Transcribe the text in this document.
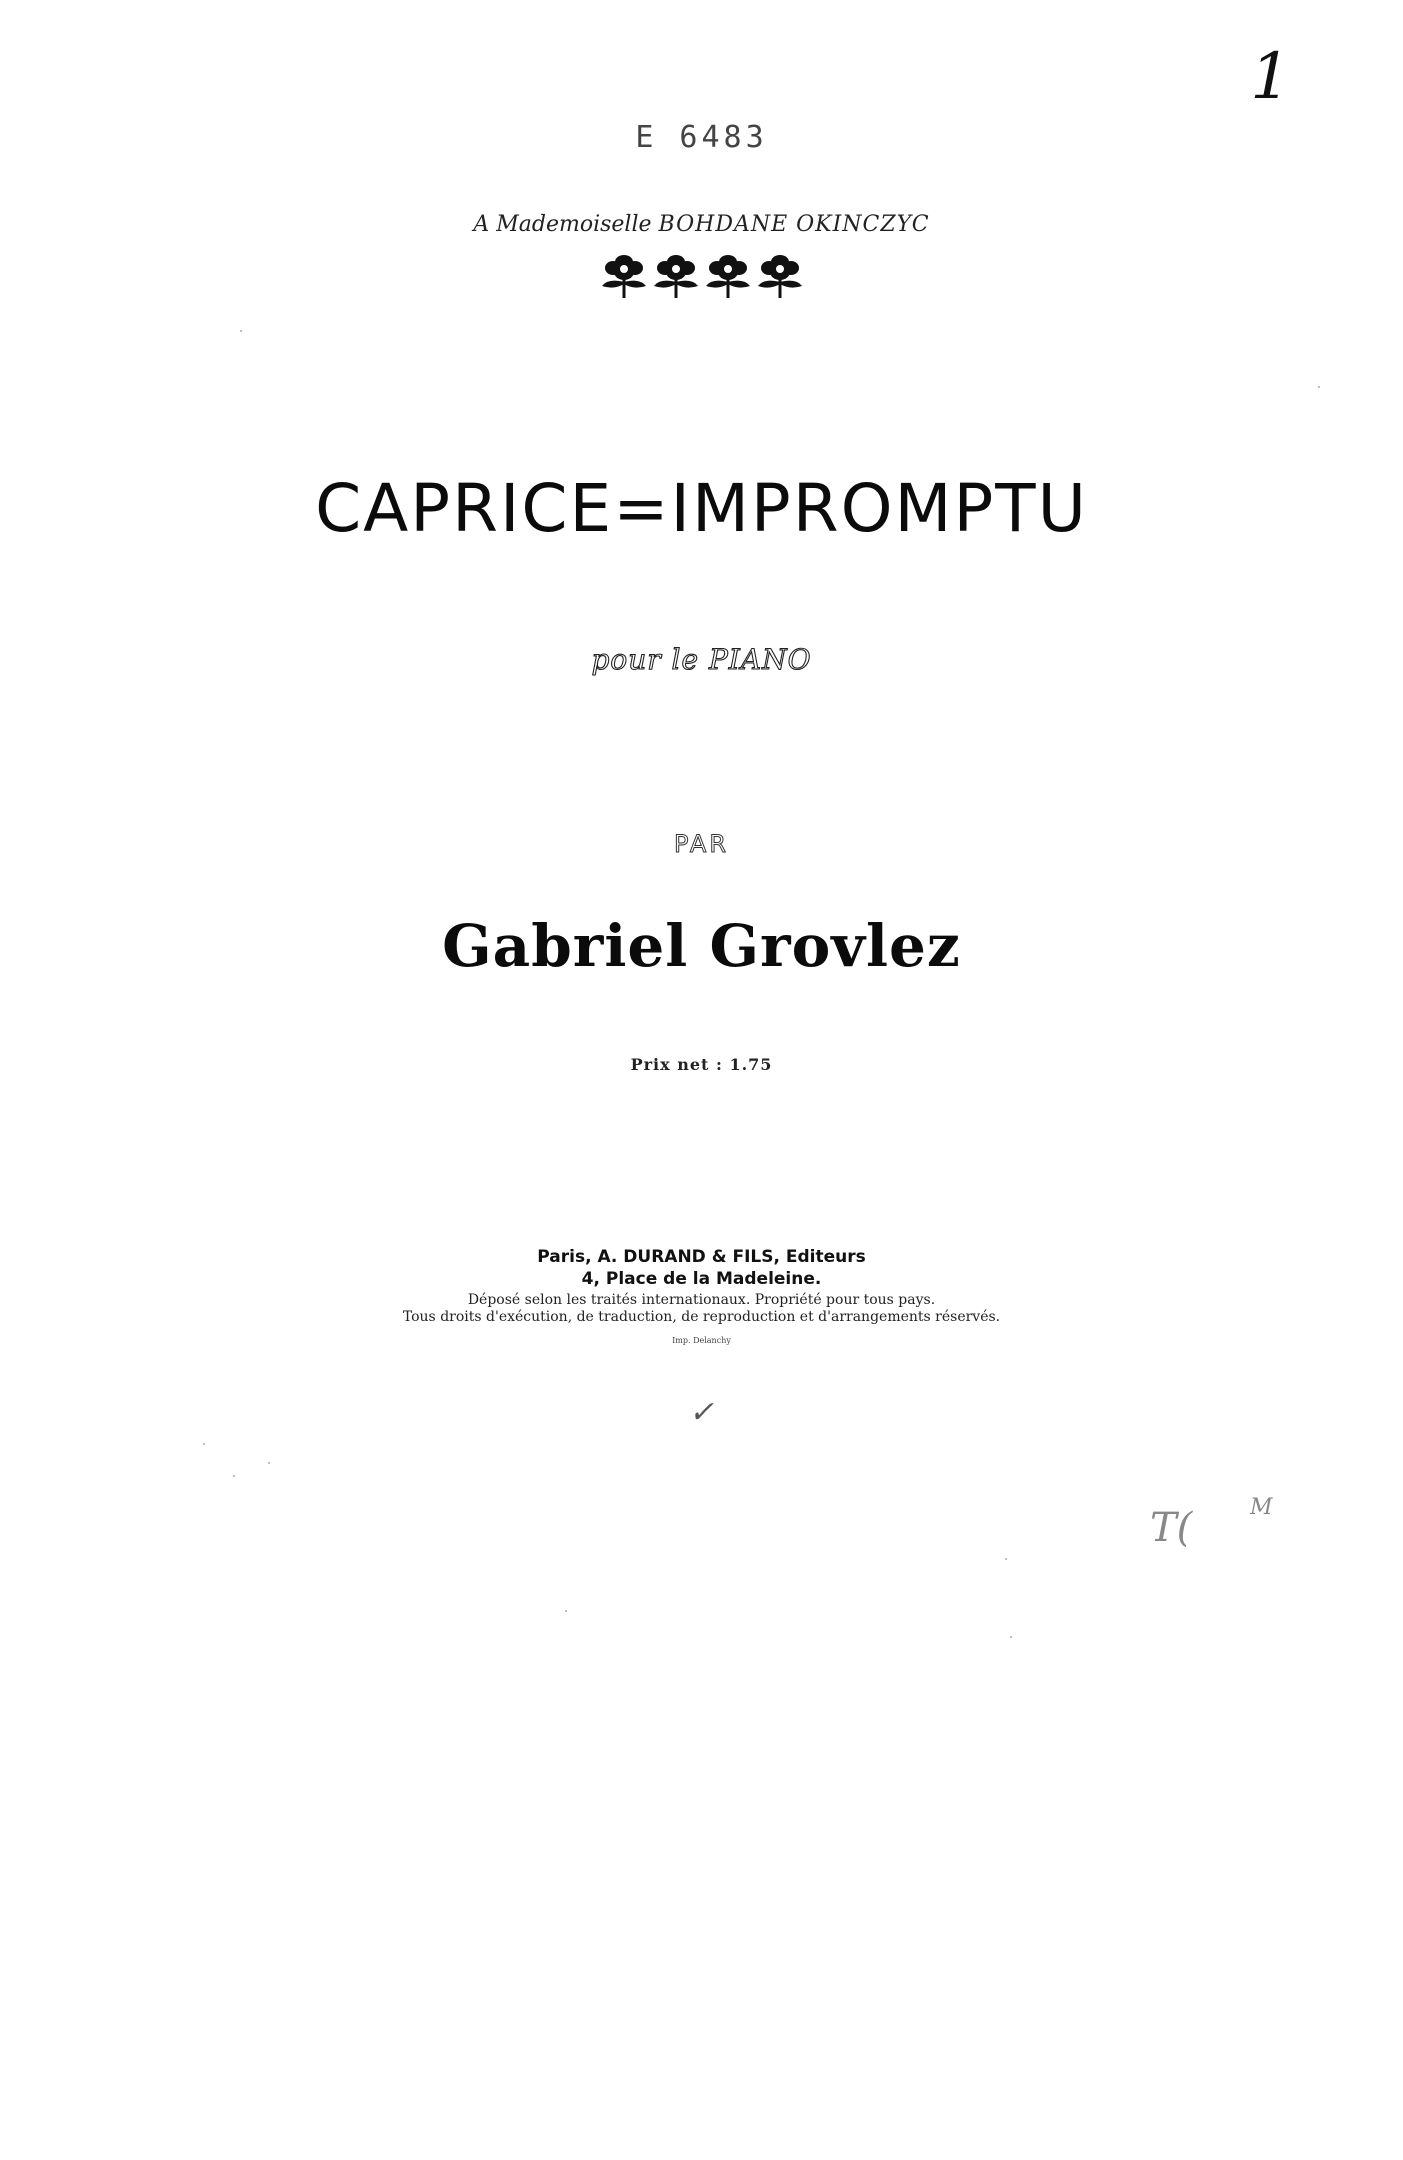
1
E 6483
A Mademoiselle BOHDANE OKINCZYC
CAPRICE=IMPROMPTU
pour le PIANO
PAR
Gabriel Grovlez
Prix net : 1.75
Paris, A. DURAND & FILS, Editeurs
4, Place de la Madeleine.
Déposé selon les traités internationaux. Propriété pour tous pays.
Tous droits d'exécution, de traduction, de reproduction et d'arrangements réservés.
Imp. Delanchy
✓
T(	M
